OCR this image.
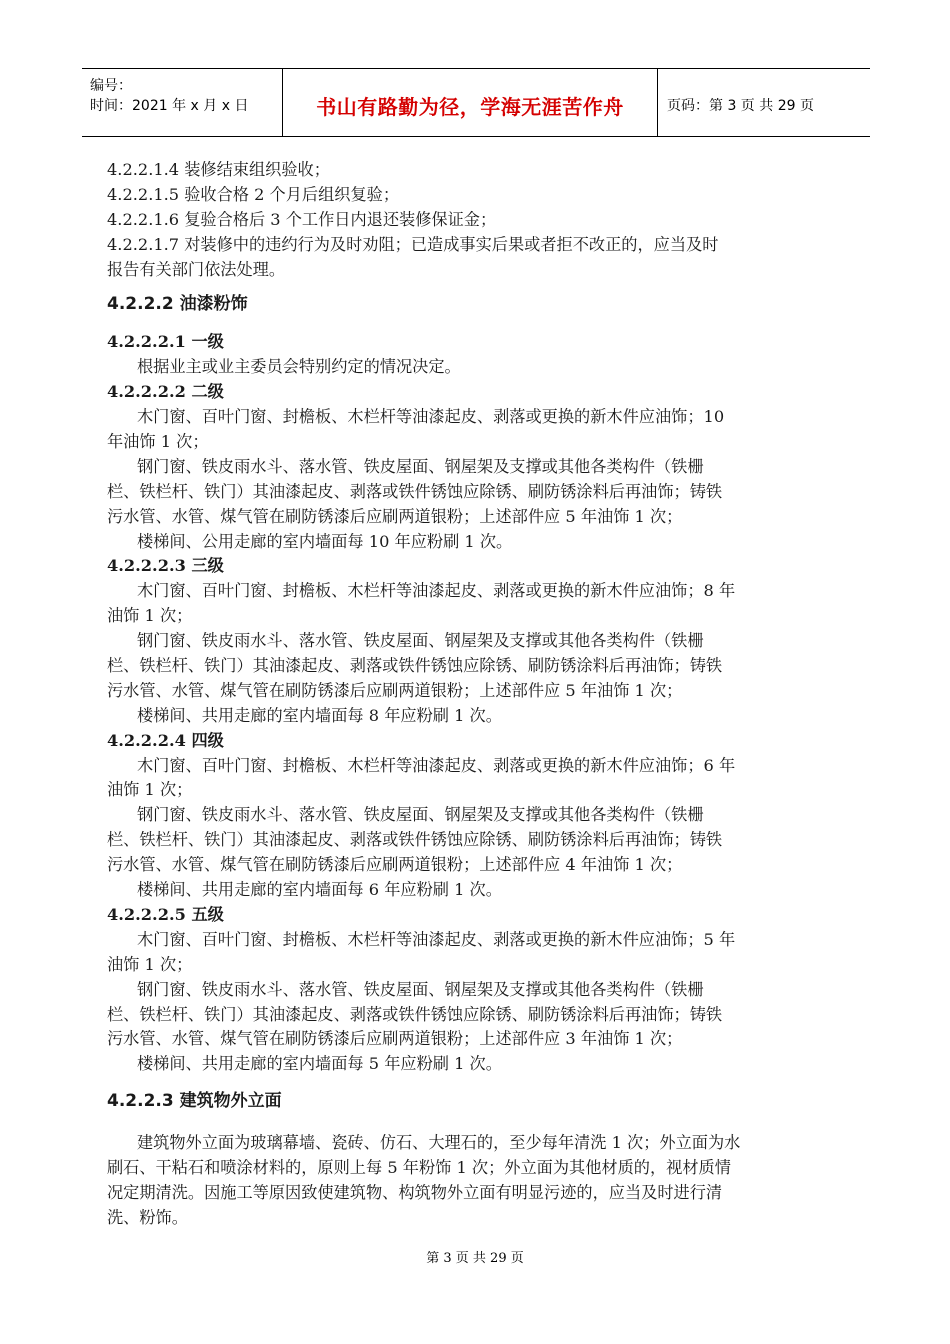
编号：
时间：2021 年 x 月 x 日	书山有路勤为径，学海无涯苦作舟	页码：第 3 页 共 29 页
4.2.2.1.4 装修结束组织验收；
4.2.2.1.5 验收合格 2 个月后组织复验；
4.2.2.1.6 复验合格后 3 个工作日内退还装修保证金；
4.2.2.1.7 对装修中的违约行为及时劝阻；已造成事实后果或者拒不改正的，应当及时
报告有关部门依法处理。
4.2.2.2 油漆粉饰
4.2.2.2.1 一级
根据业主或业主委员会特别约定的情况决定。
4.2.2.2.2 二级
木门窗、百叶门窗、封檐板、木栏杆等油漆起皮、剥落或更换的新木件应油饰；10
年油饰 1 次；
钢门窗、铁皮雨水斗、落水管、铁皮屋面、钢屋架及支撑或其他各类构件（铁栅
栏、铁栏杆、铁门）其油漆起皮、剥落或铁件锈蚀应除锈、刷防锈涂料后再油饰；铸铁
污水管、水管、煤气管在刷防锈漆后应刷两道银粉；上述部件应 5 年油饰 1 次；
楼梯间、公用走廊的室内墙面每 10 年应粉刷 1 次。
4.2.2.2.3 三级
木门窗、百叶门窗、封檐板、木栏杆等油漆起皮、剥落或更换的新木件应油饰；8 年
油饰 1 次；
钢门窗、铁皮雨水斗、落水管、铁皮屋面、钢屋架及支撑或其他各类构件（铁栅
栏、铁栏杆、铁门）其油漆起皮、剥落或铁件锈蚀应除锈、刷防锈涂料后再油饰；铸铁
污水管、水管、煤气管在刷防锈漆后应刷两道银粉；上述部件应 5 年油饰 1 次；
楼梯间、共用走廊的室内墙面每 8 年应粉刷 1 次。
4.2.2.2.4 四级
木门窗、百叶门窗、封檐板、木栏杆等油漆起皮、剥落或更换的新木件应油饰；6 年
油饰 1 次；
钢门窗、铁皮雨水斗、落水管、铁皮屋面、钢屋架及支撑或其他各类构件（铁栅
栏、铁栏杆、铁门）其油漆起皮、剥落或铁件锈蚀应除锈、刷防锈涂料后再油饰；铸铁
污水管、水管、煤气管在刷防锈漆后应刷两道银粉；上述部件应 4 年油饰 1 次；
楼梯间、共用走廊的室内墙面每 6 年应粉刷 1 次。
4.2.2.2.5 五级
木门窗、百叶门窗、封檐板、木栏杆等油漆起皮、剥落或更换的新木件应油饰；5 年
油饰 1 次；
钢门窗、铁皮雨水斗、落水管、铁皮屋面、钢屋架及支撑或其他各类构件（铁栅
栏、铁栏杆、铁门）其油漆起皮、剥落或铁件锈蚀应除锈、刷防锈涂料后再油饰；铸铁
污水管、水管、煤气管在刷防锈漆后应刷两道银粉；上述部件应 3 年油饰 1 次；
楼梯间、共用走廊的室内墙面每 5 年应粉刷 1 次。
4.2.2.3 建筑物外立面
建筑物外立面为玻璃幕墙、瓷砖、仿石、大理石的，至少每年清洗 1 次；外立面为水
刷石、干粘石和喷涂材料的，原则上每 5 年粉饰 1 次；外立面为其他材质的，视材质情
况定期清洗。因施工等原因致使建筑物、构筑物外立面有明显污迹的，应当及时进行清
洗、粉饰。
第 3 页 共 29 页
